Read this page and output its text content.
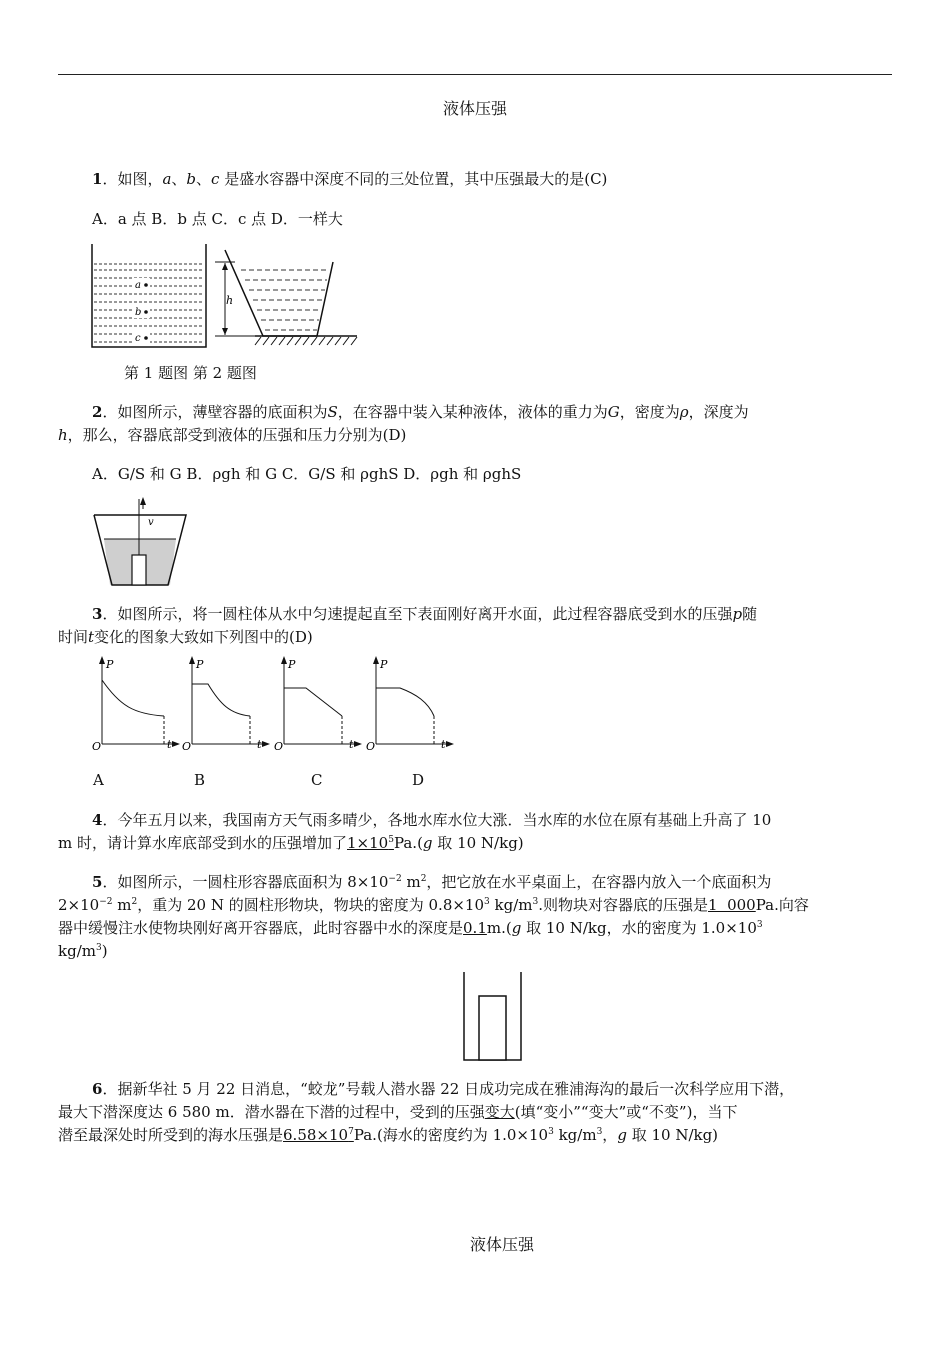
液体压强
1．如图，a、b、c 是盛水容器中深度不同的三处位置，其中压强最大的是(C)
A．a 点 B．b 点 C．c 点 D．一样大
a
b
c
h
第 1 题图 第 2 题图
2．如图所示，薄壁容器的底面积为S，在容器中装入某种液体，液体的重力为G，密度为ρ，深度为
h，那么，容器底部受到液体的压强和压力分别为(D)
A．G/S 和 G B．ρgh 和 G C．G/S 和 ρghS D．ρgh 和 ρghS
v
3．如图所示，将一圆柱体从水中匀速提起直至下表面刚好离开水面，此过程容器底受到水的压强p随
时间t变化的图象大致如下列图中的(D)
P
O	t
P
O	t
P
O	t
P
O	t
A	B	C	D
4．今年五月以来，我国南方天气雨多晴少，各地水库水位大涨．当水库的水位在原有基础上升高了 10
m 时，请计算水库底部受到水的压强增加了$1\times 10^5Pa.(g$ 取 10 N/kg)
5．如图所示，一圆柱形容器底面积为 $8\times 10^{-2}$ $m^2$，把它放在水平桌面上，在容器内放入一个底面积为
$2\times 10^{-2}$ $m^2$，重为 20 N 的圆柱形物块，物块的密度为 $0.8\times 10^3$ $kg/m^3$.则物块对容器底的压强是1  000Pa.向容
器中缓慢注水使物块刚好离开容器底，此时容器中水的深度是0.1m.(g 取 10 N/kg，水的密度为 $1.0\times 10^3$
$kg/m^3$)
6．据新华社 5 月 22 日消息，“蛟龙”号载人潜水器 22 日成功完成在雅浦海沟的最后一次科学应用下潜，
最大下潜深度达 6 580 m．潜水器在下潜的过程中，受到的压强变大(填“变小”“变大”或“不变”)，当下
潜至最深处时所受到的海水压强是$6.58\times 10^7Pa$.(海水的密度约为 $1.0\times 10^3$ $kg/m^3$，g 取 10 N/kg)
液体压强
